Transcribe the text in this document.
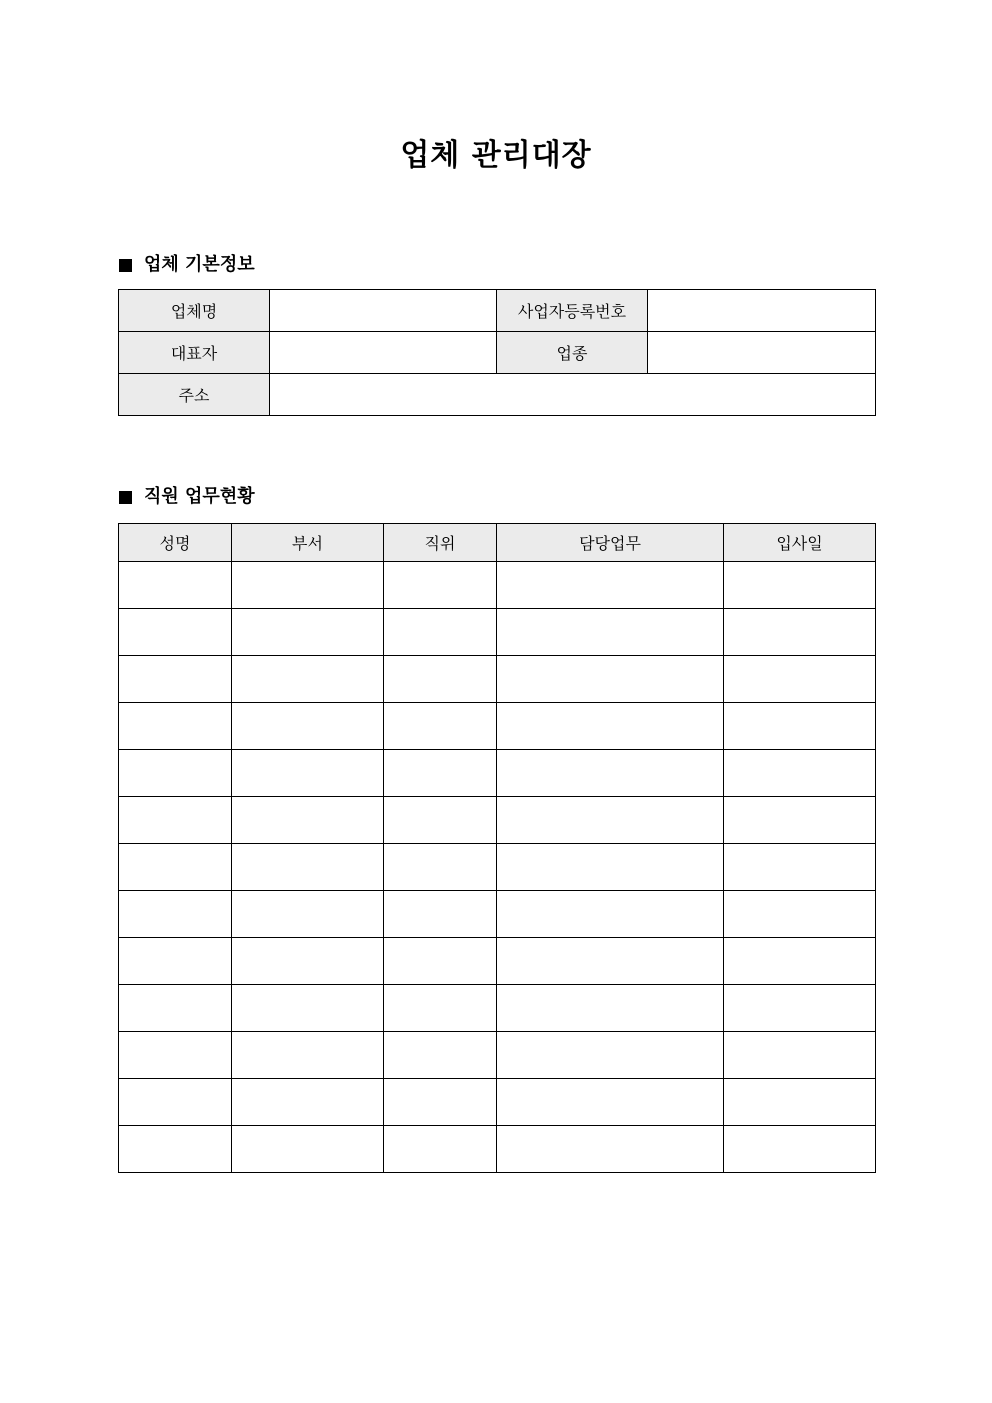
업체 관리대장
업체 기본정보
업체명		사업자등록번호	
대표자		업종	
주소			
직원 업무현황
성명	부서	직위	담당업무	입사일
